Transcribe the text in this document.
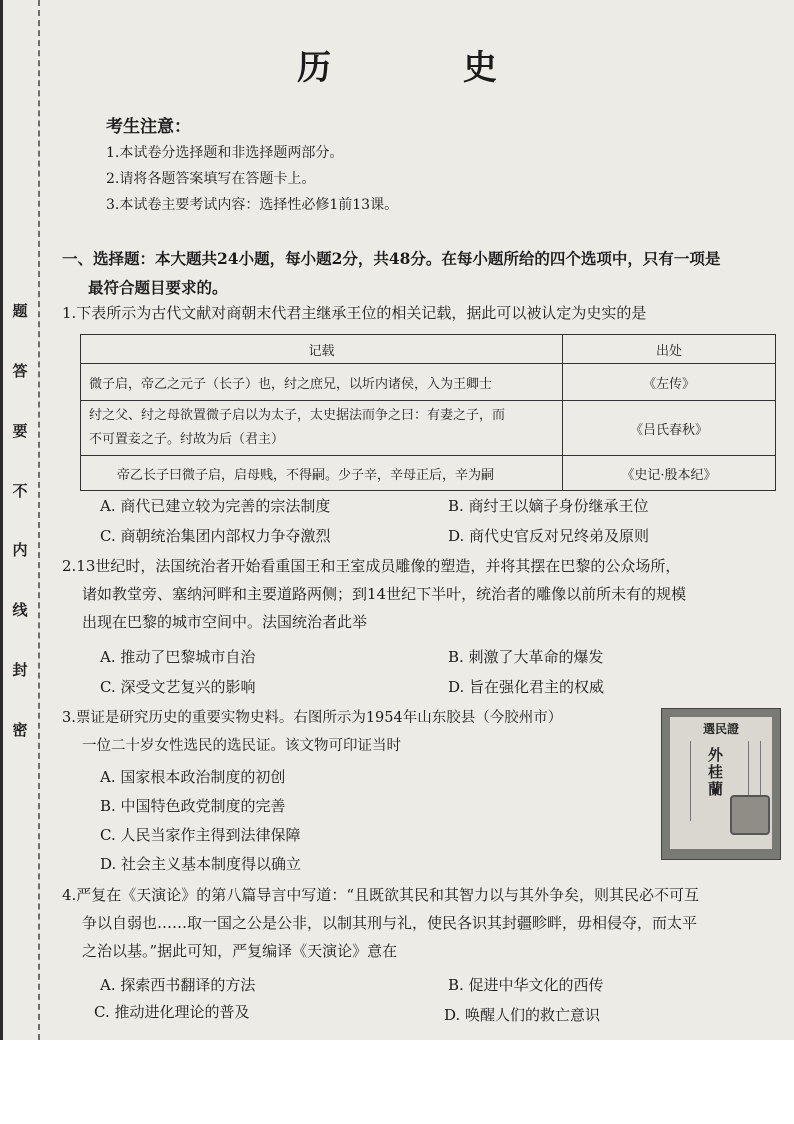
题
答
要
不
内
线
封
密
历 史
考生注意：
1.本试卷分选择题和非选择题两部分。
2.请将各题答案填写在答题卡上。
3.本试卷主要考试内容：选择性必修1前13课。
一、选择题：本大题共24小题，每小题2分，共48分。在每小题所给的四个选项中，只有一项是
最符合题目要求的。
1.下表所示为古代文献对商朝末代君主继承王位的相关记载，据此可以被认定为史实的是
记载	出处
微子启，帝乙之元子（长子）也，纣之庶兄，以圻内诸侯，入为王卿士	《左传》

纣之父、纣之母欲置微子启以为太子，太史据法而争之曰：有妻之子，而
不可置妾之子。纣故为后（君主）	《吕氏春秋》
帝乙长子曰微子启，启母贱，不得嗣。少子辛，辛母正后，辛为嗣	《史记·殷本纪》
A. 商代已建立较为完善的宗法制度	B. 商纣王以嫡子身份继承王位
C. 商朝统治集团内部权力争夺激烈	D. 商代史官反对兄终弟及原则
2.13世纪时，法国统治者开始看重国王和王室成员雕像的塑造，并将其摆在巴黎的公众场所，
诸如教堂旁、塞纳河畔和主要道路两侧；到14世纪下半叶，统治者的雕像以前所未有的规模
出现在巴黎的城市空间中。法国统治者此举
A. 推动了巴黎城市自治	B. 刺激了大革命的爆发
C. 深受文艺复兴的影响	D. 旨在强化君主的权威
3.票证是研究历史的重要实物史料。右图所示为1954年山东胶县（今胶州市）
一位二十岁女性选民的选民证。该文物可印证当时
A. 国家根本政治制度的初创
B. 中国特色政党制度的完善
C. 人民当家作主得到法律保障
D. 社会主义基本制度得以确立
選民證
外桂蘭
4.严复在《天演论》的第八篇导言中写道：“且既欲其民和其智力以与其外争矣，则其民必不可互
争以自弱也……取一国之公是公非，以制其刑与礼，使民各识其封疆畛畔，毋相侵夺，而太平
之治以基。”据此可知，严复编译《天演论》意在
A. 探索西书翻译的方法	B. 促进中华文化的西传
C. 推动进化理论的普及	D. 唤醒人们的救亡意识
